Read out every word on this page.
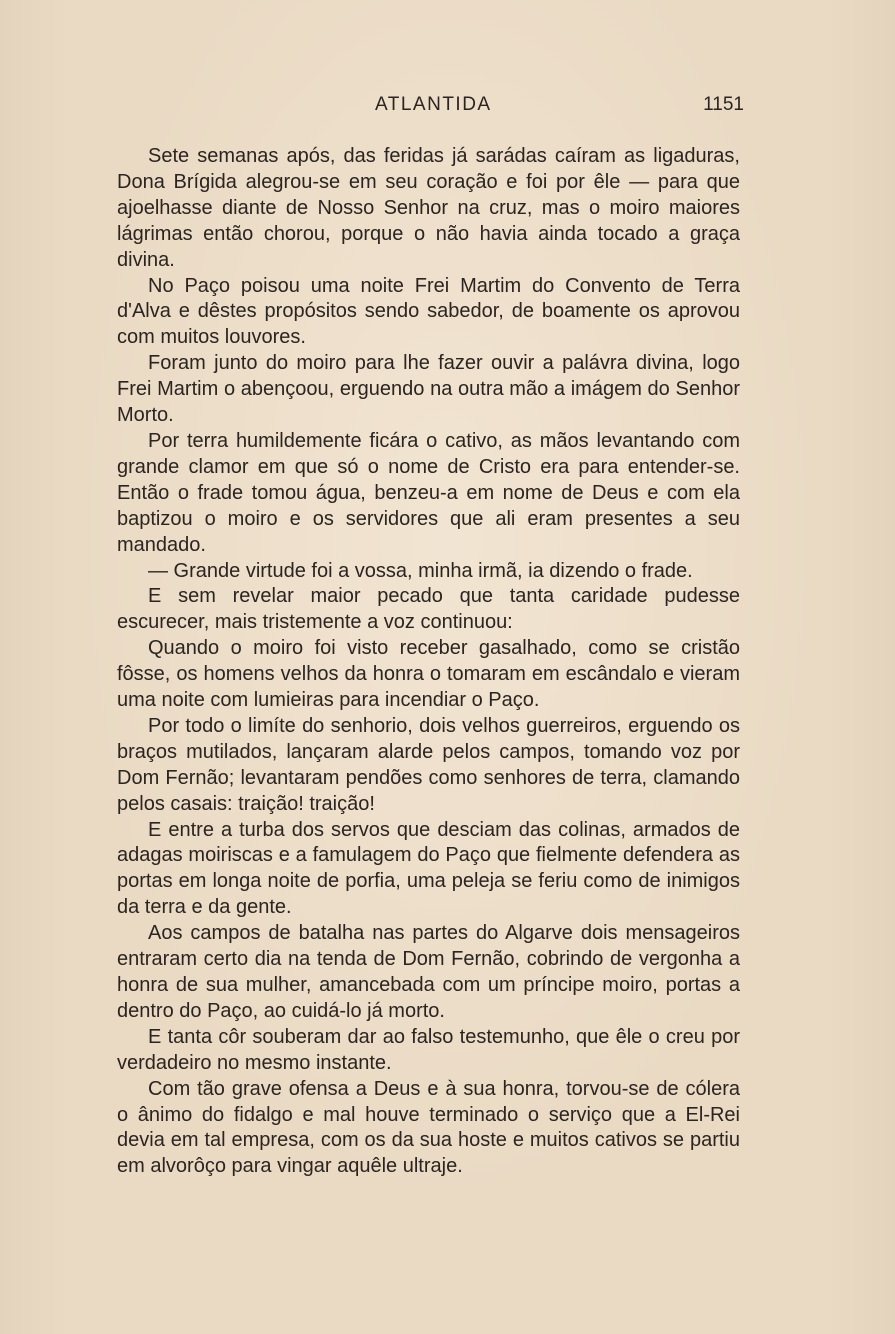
ATLANTIDA	1151

Sete semanas após, das feridas já sarádas caíram as ligaduras, Dona Brígida alegrou-se em seu coração e foi por êle — para que ajoelhasse diante de Nosso Senhor na cruz, mas o moiro maiores lágrimas então chorou, porque o não havia ainda tocado a graça divina.

No Paço poisou uma noite Frei Martim do Convento de Terra d'Alva e dêstes propósitos sendo sabedor, de boamente os aprovou com muitos louvores.

Foram junto do moiro para lhe fazer ouvir a palávra divina, logo Frei Martim o abençoou, erguendo na outra mão a imágem do Senhor Morto.

Por terra humildemente ficára o cativo, as mãos levantando com grande clamor em que só o nome de Cristo era para entender-se. Então o frade tomou água, benzeu-a em nome de Deus e com ela baptizou o moiro e os servidores que ali eram presentes a seu mandado.

— Grande virtude foi a vossa, minha irmã, ia dizendo o frade.

E sem revelar maior pecado que tanta caridade pudesse escurecer, mais tristemente a voz continuou:

Quando o moiro foi visto receber gasalhado, como se cristão fôsse, os homens velhos da honra o tomaram em escândalo e vieram uma noite com lumieiras para incendiar o Paço.

Por todo o limíte do senhorio, dois velhos guerreiros, erguendo os braços mutilados, lançaram alarde pelos campos, tomando voz por Dom Fernão; levantaram pendões como senhores de terra, clamando pelos casais: traição! traição!

E entre a turba dos servos que desciam das colinas, armados de adagas moiriscas e a famulagem do Paço que fielmente defendera as portas em longa noite de porfia, uma peleja se feriu como de inimigos da terra e da gente.

Aos campos de batalha nas partes do Algarve dois mensageiros entraram certo dia na tenda de Dom Fernão, cobrindo de vergonha a honra de sua mulher, amancebada com um príncipe moiro, portas a dentro do Paço, ao cuidá-lo já morto.

E tanta côr souberam dar ao falso testemunho, que êle o creu por verdadeiro no mesmo instante.

Com tão grave ofensa a Deus e à sua honra, torvou-se de cólera o ânimo do fidalgo e mal houve terminado o serviço que a El-Rei devia em tal empresa, com os da sua hoste e muitos cativos se partiu em alvorôço para vingar aquêle ultraje.
